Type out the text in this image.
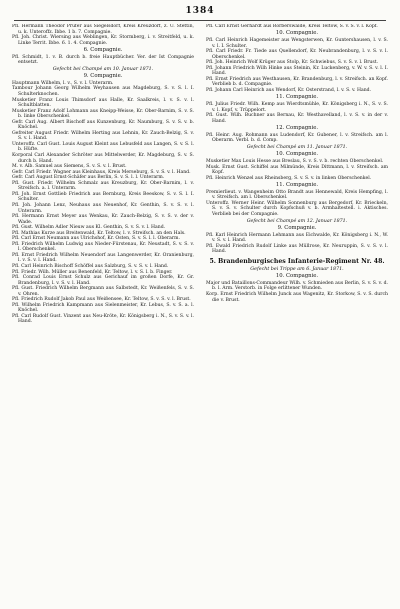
1384

Pfl. Hermann Theodor Prüfer aus Siegelsdorf, Kreis Kreuzdorf, z. U. Stettin, u. k. Unteroffz. Ibbe. 1 b. 7. Compagnie.

Pfl. Joh. Christ. Wiersing aus Weblingen, Kr. Stormberg, i. v. Streitfeld, u. k. Linke Territ. Ibbe. 6. 1. 4. Compagnie.

6. Compagnie.

Pfl. Schmidt, 1. v. B. durch b. freie Hauptbücher. Ver. der Ist Compagnie entsetzt.

Gefecht bei Champé am 10. Januar 1871.

9. Compagnie.

Hauptmann Wilhelm, l. v., S. v. l. Unterarm.

Tambour Johann Georg Wilhelm Weyhausen aus Magdeburg, S. v. S. l. I. Schulterknochen.

Musketier Franz Louis Thimsdorf aus Halle, Kr. Saalkreis, l. v. S. v. l. Schultblatten.

Musketier Franz Adolf Lohmann aus Kneipp-Weisse, Kr. Ober-Barnim, S. v. S. b. linke Oberschenkel.

Gefr. Carl Aug. Albert Bischoff aus Kunzenburg, Kr. Naumburg, S. v. S. v. b. Knöchel.

Gefreiter August Friedr. Wilhelm Herting aus Lehnin, Kr. Zauch-Belzig, S. v. S. v. l. Hand.

Unteroffz. Carl Gust. Louis August Kleint aus Lebusfeld aus Langen, S. v. S. l. b. Hüfte.

Korporal Carl Alexander Schröter aus Mittelwerder, Kr. Magdeburg, S. v. S. durch b. Hand.

M. v. Alb. Samuel aus Siemens, S. v. S. v. l. Brust.

Gefr. Carl Friedr. Wagner aus Kleinhaus, Kreis Merseburg, S. v. S. v. l. Hand.

Gefr. Carl August Ernst-Schäfer aus Berlin, S. v. S. l. l. Unterarm.

Pfl. Gust. Friedr. Wilhelm Schmalz aus Kreuzburg, Kr. Ober-Barnim, l. v. Streifsch. a. l. Unterarm.

Pfl. Joh. Ernst Gottlieb Friedrich aus Bernburg, Kreis Beeskow, S. v. S. l. I. Schulter.

Pfl. Joh. Johann Lenz, Neuhaus aus Neuenhof, Kr. Genthin, S. v. S. v. l. Unterarm.

Pfl. Hermann Ernst Meyer aus Wenkau, Kr. Zauch-Belzig, S. v. S. v. der v. Wade.

Pfl. Gust. Wilhelm Adler Nieuw aus Kl. Genthin, S. v. S. v. l. Hand.

Pfl. Mathias Kurze aus Breitenwald, Kr. Teltow, l. v. Streifsch. an den Hals.

Pfl. Carl Ernst Neumann aus Ulrichshof, Kr. Osten, S. v. S. l. l. Oberarm.

Pfl. Friedrich Wilhelm Ludwig aus Nieder-Fürstenau, Kr. Neustadt, S. v. S. v. l. Oberschenkel.

Pfl. Ernst Friedrich Wilhelm Neuendorf aus Langenwerder, Kr. Oranienburg, l. v. S. v. l. Hand.

Pfl. Carl Heinrich Bischoff Schöffel aus Salzburg, S. v. S. v. l. Hand.

Pfl. Friedr. Wilh. Müller aus Benenfeld, Kr. Teltow, l. v. S. l. b. Finger.

Pfl. Conrad Louis Ernst Schulz aus Gerichauf im großen Dorfe, Kr. Gr. Brandenburg, l. v. S. v. l. Hand.

Pfl. Gust. Friedrich Wilhelm Bergmann aus Salbstedt, Kr. Weißenfels, S. v. S. v. Ohren.

Pfl. Friedrich Rudolf Jakob Paul aus Weißensee, Kr. Teltow, S. v. S. v. l. Brust.

Pfl. Wilhelm Friedrich Kampmann aus Sielenmeister, Kr. Lebus, S. v. S. a. l. Knöchel.

Pfl. Carl Rudolf Gust. Vinzent aus Neu-Kröte, Kr. Königsberg i. N., S. v. S. v. l. Hand.

Pfl. Carl Ernst Gerhardt aus Rörberswalde, Kreis Teltow, S. v. S. v. l. Kopf.

10. Compagnie.

Pfl. Carl Heinrich Hagemeister aus Wengsterwen, Kr. Guntershausen, l. v. S. v. l. I. Schulter.

Pfl. Carl Friedr. Fr. Tiede aus Quellendorf, Kr. Neubrandenburg, l. v. S. v. l. Oberschenkel.

Pfl. Joh. Heinrich Wolf Krüger aus Stolp, Kr. Schwiebus, S. v. S. v. l. Brust.

Pfl. Johann Friedrich Wilh Hinke aus Steinin, Kr. Luckenberg, v. W. v. S. v. l. I. Hand.

Pfl. Ernst Friedrich aus Westhausen, Kr. Brandenburg, l. v. Streifsch. an Kopf. Verblieb b. d. Compagnie.

Pfl. Johann Carl Heinrich aus Wendorf, Kr. Osterstrand, l. v. S. v. Hand.

11. Compagnie.

Pfl. Julius Friedr. Wilh. Kemp aus Wierdtsmühle, Kr. Königsberg i. N., S. v. S. v. l. Kopf, v. Trüppelort.

Pfl. Gust. Wilh. Buchner aus Bernau, Kr. Westhavelland, l. v. S. v. in der v. Hand.

12. Compagnie.

Pfl. Heinr. Aug. Rohmann aus Ludendorf, Kr. Gubener, l. v. Streifsch. am l. Oberarm. Verbl. b. d. Comp.

Gefecht bei Champé am 11. Januar 1871.

10. Compagnie.

Musketier Max Louis Hesse aus Breslau, S. v. S. v. b. rechten Oberschenkel.

Musk. Ernst Gust. Schiffel aus Milmünde, Kreis Dittmann, l. v. Streifsch. am Kopf.

Pfl. Heinrich Wenzel aus Rheinsberg, S. v. S. v. in linken Oberschenkel.

11. Compagnie.

Premierlieut. v. Wangenheim Otto Brandt aus Hennewald, Kreis Hempfing, l. v. Streifsch. am l. Oberschenkel.

Unteroffz. Werner Heinr. Wilhelm Sonnenburg aus Bergedorf, Kr. Brieckeln, S. v. S. v. Schulter durch Kopfschuß v. b. Armhaltestell. i. Aktisches. Verblieb bei der Compagnie.

Gefecht bei Champé am 12. Januar 1871.

9. Compagnie.

Pfl. Karl Heinrich Hermann Lehmann aus Eichwalde, Kr. Königsberg i. N., W. v. S. v. l. Hand.

Pfl. Ewald Friedrich Rudolf Linke aus Müllrose, Kr. Neuruppin, S. v. S. v. l. Hand.

5. Brandenburgisches Infanterie-Regiment Nr. 48.

Gefecht bei Trippe am 6. Januar 1871.

10. Compagnie.

Major und Bataillons-Commandeur Wilh. v. Schmieden aus Berlin, S. v. S. v. d. b. l. Arm. Verstorb. in Folge erlittener Wunden.

Korp. Ernst Friedrich Wilhelm Junck aus Wagenitz, Kr. Storkow, S. v. S. durch die v. Brust.
